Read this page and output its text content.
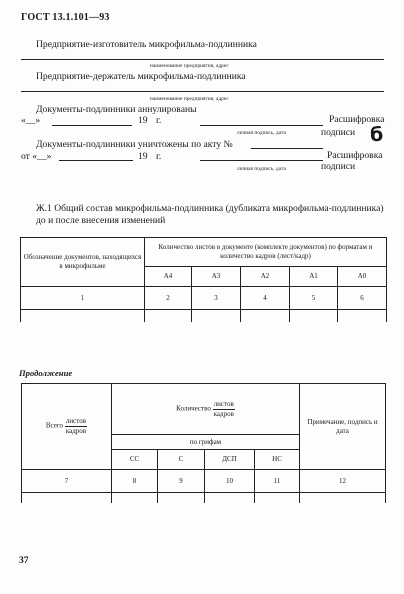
ГОСТ 13.1.101—93
Предприятие-изготовитель микрофильма-подлинника
наименование предприятия, адрес
Предприятие-держатель микрофильма-подлинника
наименование предприятия, адрес
Документы-подлинники аннулированы
«__»	19 г.	Расшифровка
личная подпись, дата	подписи б
Документы-подлинники уничтожены по акту №
от «__»	19 г.	Расшифровка
личная подпись, дата	подписи
Ж.1 Общий состав микрофильма-подлинника (дубликата микрофильма-подлинника) до и после внесения изменений
Обозначение документов, находящихся в микрофильме	Количество листов в документе (комплекте документов) по форматам и количество кадров (лист/кадр)				
	А4	А3	А2	А1	А0
1	2	3	4	5	6

Продолжение
Всего $\frac{\text{листов}}{\text{кадров}}$	Количество $\frac{\text{листов}}{\text{кадров}}$				Примечание, подпись и дата
	по грифам				
	СС	С	ДСП	НС	
7	8	9	10	11	12

37
